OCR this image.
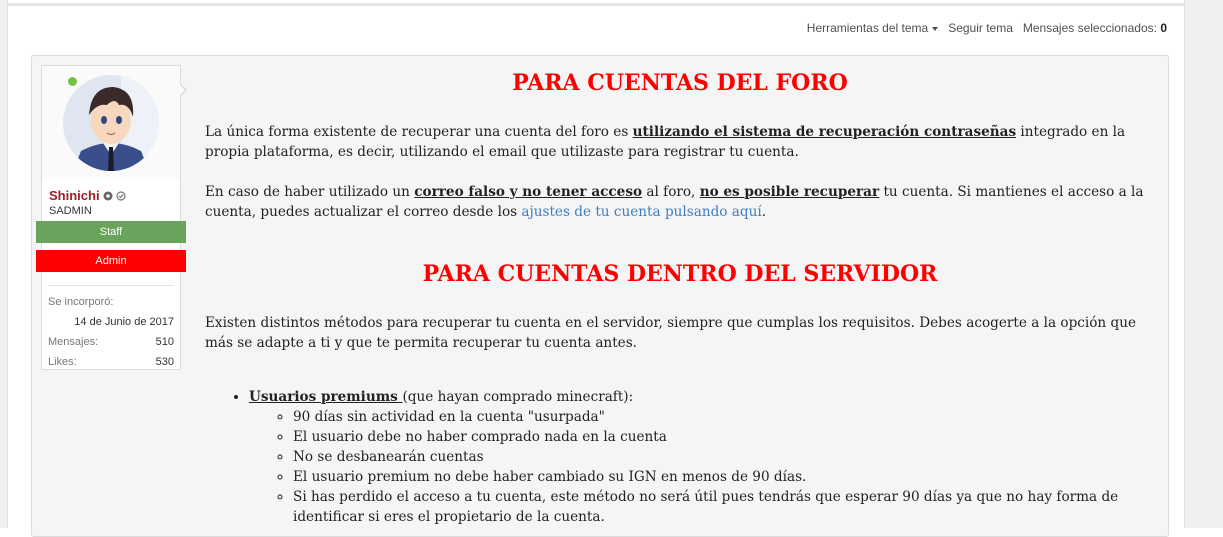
Herramientas del tema	Seguir tema Mensajes seleccionados: 0
Shinichi
SADMIN
Staff
Admin
Se incorporó:
14 de Junio de 2017
Mensajes:	510
Likes:	530
PARA CUENTAS DEL FORO
La única forma existente de recuperar una cuenta del foro es utilizando el sistema de recuperación contraseñas integrado en la propia plataforma, es decir, utilizando el email que utilizaste para registrar tu cuenta.
En caso de haber utilizado un correo falso y no tener acceso al foro, no es posible recuperar tu cuenta. Si mantienes el acceso a la cuenta, puedes actualizar el correo desde los ajustes de tu cuenta pulsando aquí.
PARA CUENTAS DENTRO DEL SERVIDOR
Existen distintos métodos para recuperar tu cuenta en el servidor, siempre que cumplas los requisitos. Debes acogerte a la opción que más se adapte a ti y que te permita recuperar tu cuenta antes.
• Usuarios premiums (que hayan comprado minecraft):
◦ 90 días sin actividad en la cuenta "usurpada"
◦ El usuario debe no haber comprado nada en la cuenta
◦ No se desbanearán cuentas
◦ El usuario premium no debe haber cambiado su IGN en menos de 90 días.
◦ Si has perdido el acceso a tu cuenta, este método no será útil pues tendrás que esperar 90 días ya que no hay forma de identificar si eres el propietario de la cuenta.
